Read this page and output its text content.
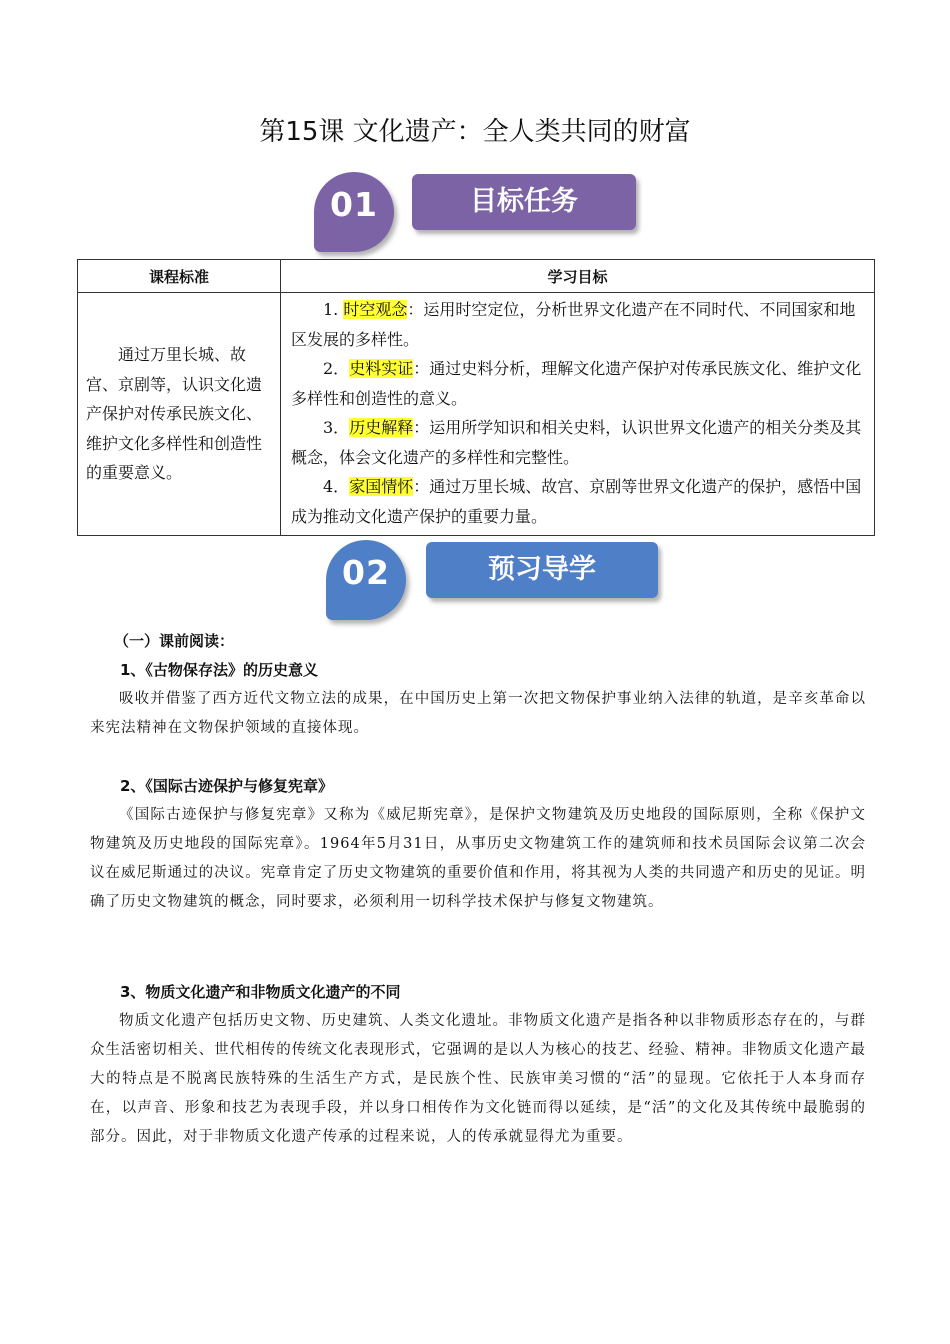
第15课 文化遗产：全人类共同的财富
01	目标任务
课程标准	学习目标

通过万里长城、故宫、京剧等，认识文化遗产保护对传承民族文化、维护文化多样性和创造性的重要意义。	1. 时空观念：运用时空定位，分析世界文化遗产在不同时代、不同国家和地区发展的多样性。

2．史料实证：通过史料分析，理解文化遗产保护对传承民族文化、维护文化多样性和创造性的意义。

3．历史解释：运用所学知识和相关史料，认识世界文化遗产的相关分类及其概念，体会文化遗产的多样性和完整性。

4．家国情怀：通过万里长城、故宫、京剧等世界文化遗产的保护，感悟中国成为推动文化遗产保护的重要力量。

02	预习导学

（一）课前阅读：

1、《古物保存法》的历史意义

吸收并借鉴了西方近代文物立法的成果，在中国历史上第一次把文物保护事业纳入法律的轨道，是辛亥革命以来宪法精神在文物保护领域的直接体现。

2、《国际古迹保护与修复宪章》

《国际古迹保护与修复宪章》又称为《威尼斯宪章》，是保护文物建筑及历史地段的国际原则，全称《保护文物建筑及历史地段的国际宪章》。1964年5月31日，从事历史文物建筑工作的建筑师和技术员国际会议第二次会议在威尼斯通过的决议。宪章肯定了历史文物建筑的重要价值和作用，将其视为人类的共同遗产和历史的见证。明确了历史文物建筑的概念，同时要求，必须利用一切科学技术保护与修复文物建筑。

3、物质文化遗产和非物质文化遗产的不同

物质文化遗产包括历史文物、历史建筑、人类文化遗址。非物质文化遗产是指各种以非物质形态存在的，与群众生活密切相关、世代相传的传统文化表现形式，它强调的是以人为核心的技艺、经验、精神。非物质文化遗产最大的特点是不脱离民族特殊的生活生产方式，是民族个性、民族审美习惯的“活”的显现。它依托于人本身而存在，以声音、形象和技艺为表现手段，并以身口相传作为文化链而得以延续，是“活”的文化及其传统中最脆弱的部分。因此，对于非物质文化遗产传承的过程来说，人的传承就显得尤为重要。
